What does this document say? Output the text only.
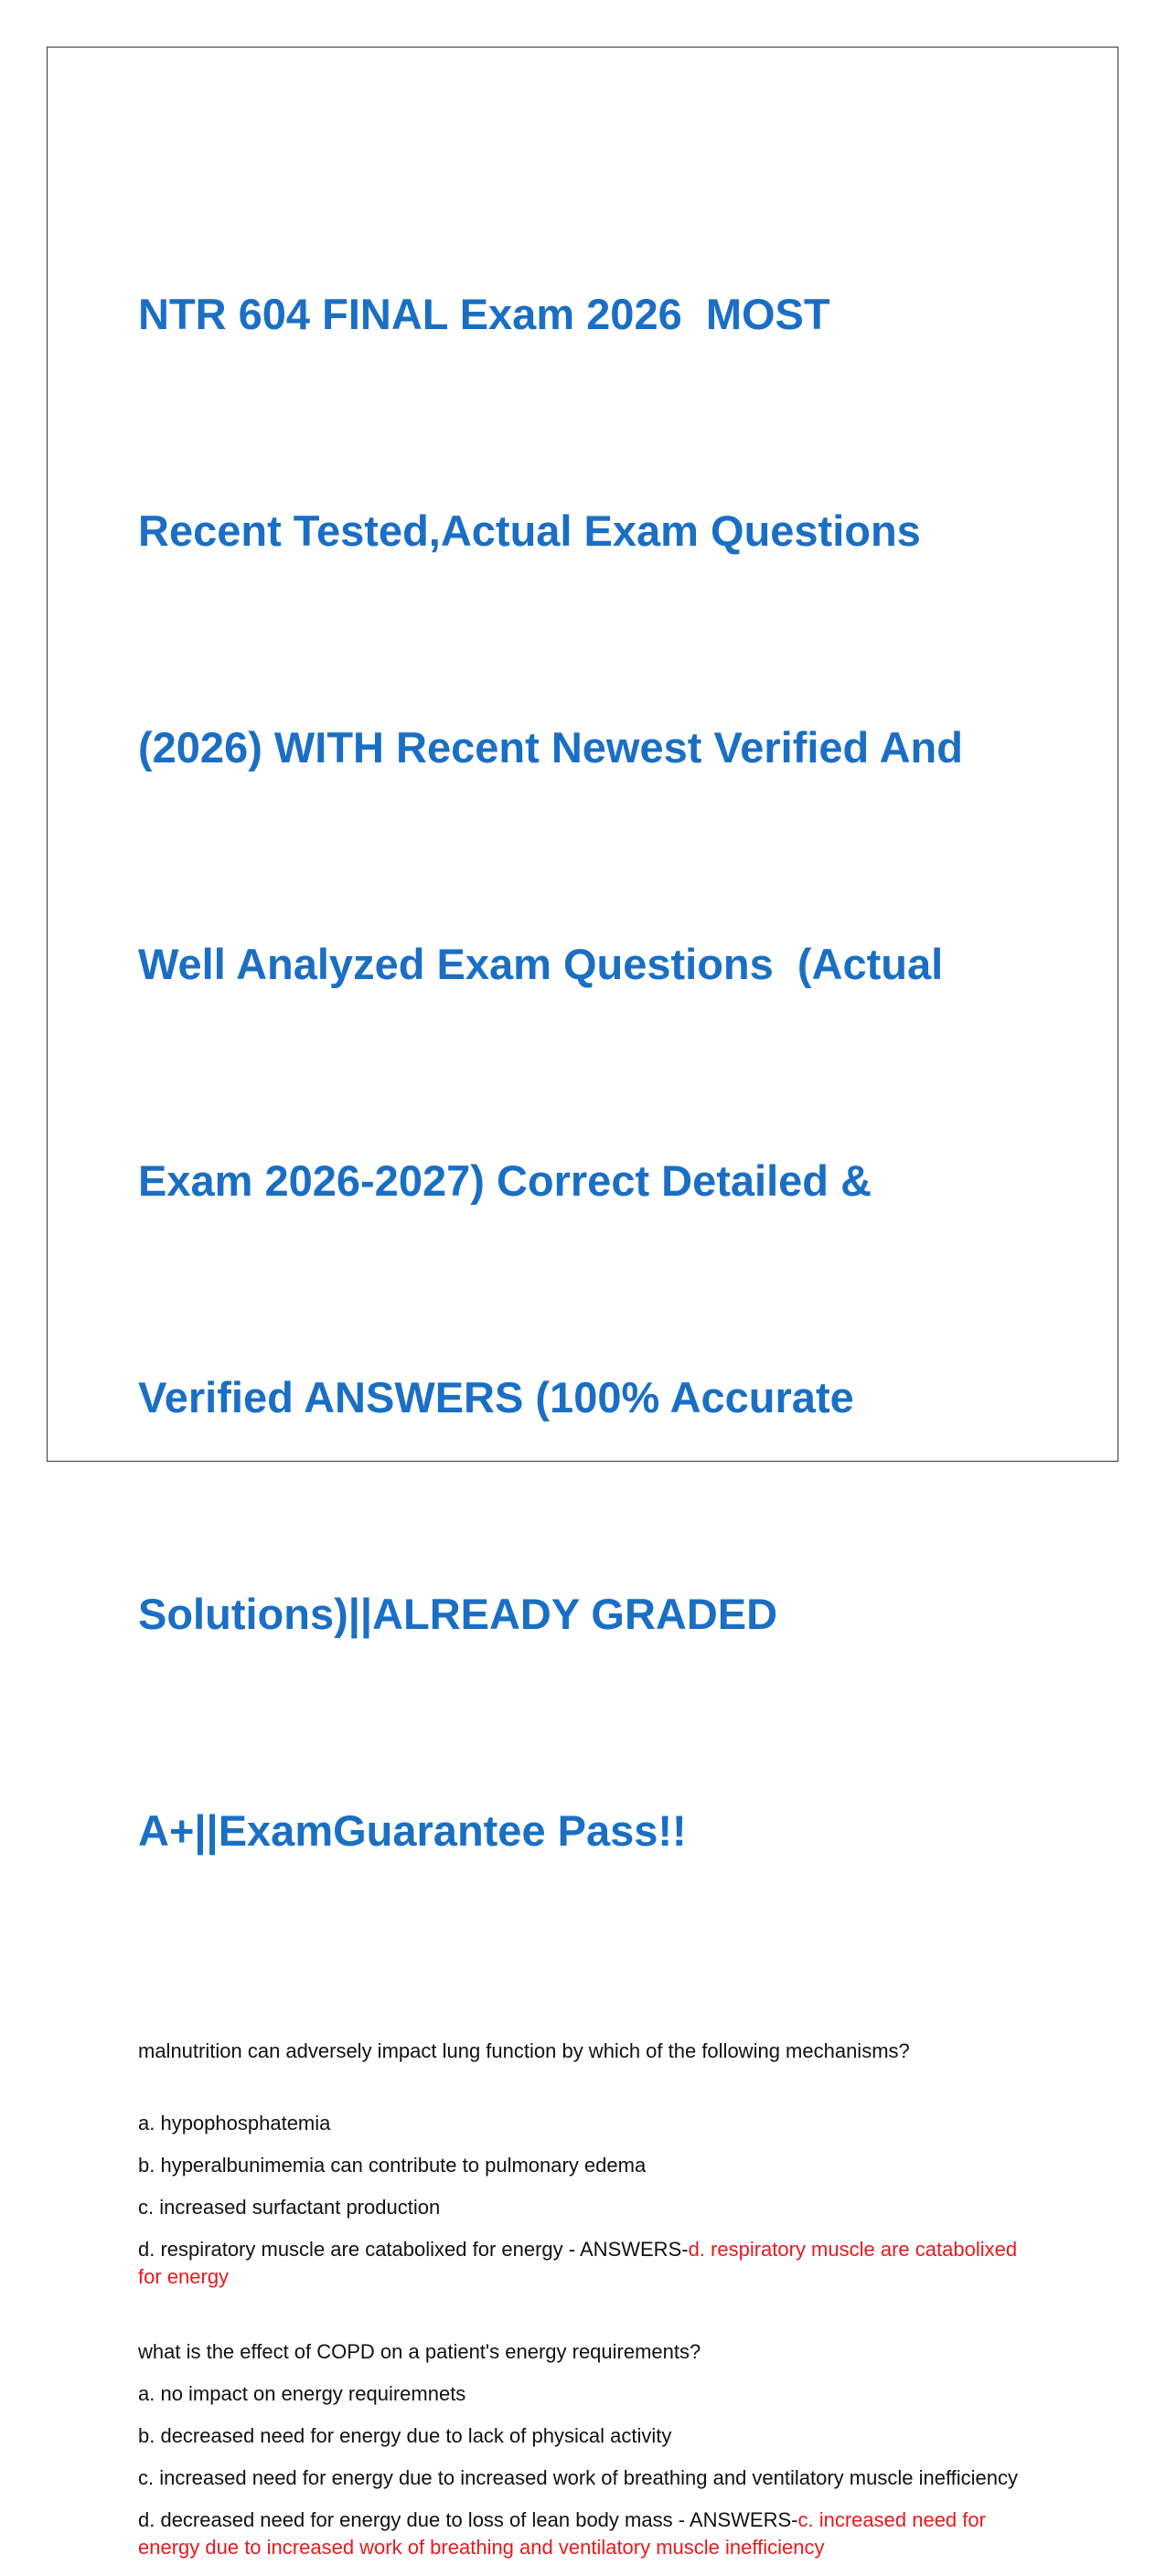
NTR 604 FINAL Exam 2026  MOST

Recent Tested,Actual Exam Questions

(2026) WITH Recent Newest Verified And

Well Analyzed Exam Questions  (Actual

Exam 2026-2027) Correct Detailed &

Verified ANSWERS (100% Accurate

Solutions)||ALREADY GRADED

A+||ExamGuarantee Pass!!

malnutrition can adversely impact lung function by which of the following mechanisms?

a. hypophosphatemia

b. hyperalbunimemia can contribute to pulmonary edema

c. increased surfactant production

d. respiratory muscle are catabolixed for energy - ANSWERS-d. respiratory muscle are catabolixed for energy

what is the effect of COPD on a patient's energy requirements?

a. no impact on energy requiremnets

b. decreased need for energy due to lack of physical activity

c. increased need for energy due to increased work of breathing and ventilatory muscle inefficiency

d. decreased need for energy due to loss of lean body mass - ANSWERS-c. increased need for energy due to increased work of breathing and ventilatory muscle inefficiency
